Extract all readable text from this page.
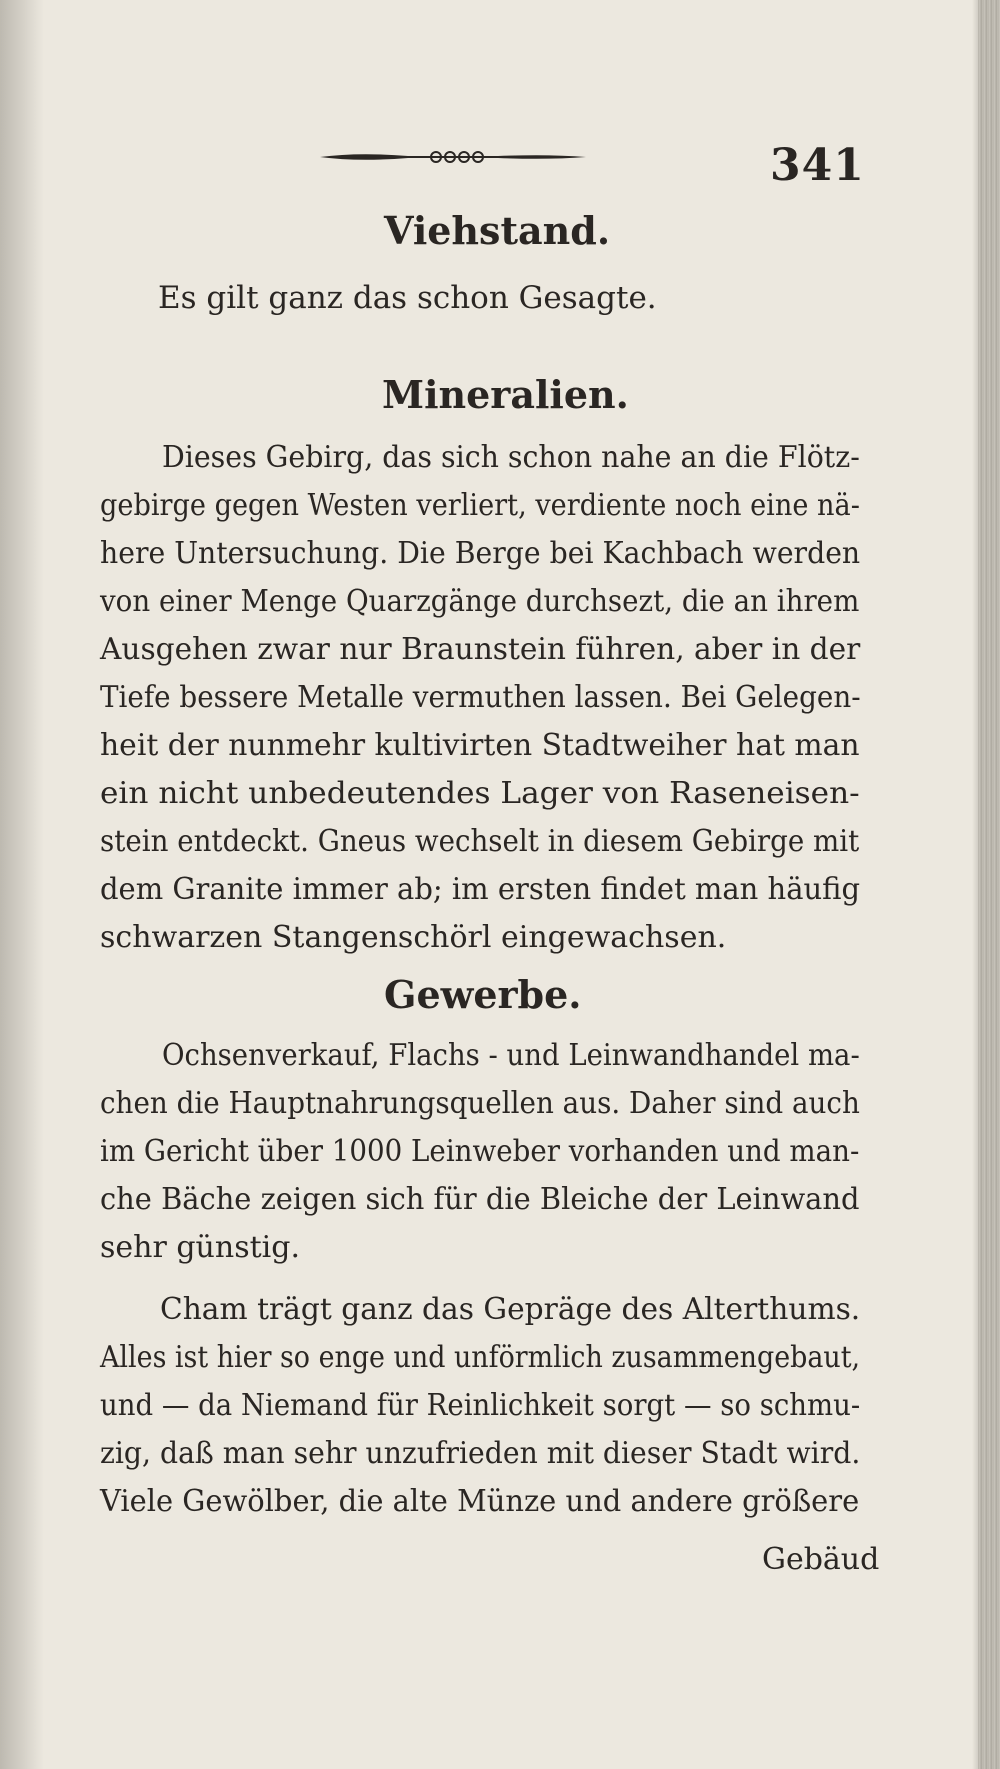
341
Viehstand.
Es gilt ganz das schon Gesagte.
Mineralien.
Dieses Gebirg, das sich schon nahe an die Flötz-
gebirge gegen Westen verliert, verdiente noch eine nä-
here Untersuchung. Die Berge bei Kachbach werden
von einer Menge Quarzgänge durchsezt, die an ihrem
Ausgehen zwar nur Braunstein führen, aber in der
Tiefe bessere Metalle vermuthen lassen. Bei Gelegen-
heit der nunmehr kultivirten Stadtweiher hat man
ein nicht unbedeutendes Lager von Raseneisen-
stein entdeckt. Gneus wechselt in diesem Gebirge mit
dem Granite immer ab; im ersten findet man häufig
schwarzen Stangenschörl eingewachsen.
Gewerbe.
Ochsenverkauf, Flachs - und Leinwandhandel ma-
chen die Hauptnahrungsquellen aus. Daher sind auch
im Gericht über 1000 Leinweber vorhanden und man-
che Bäche zeigen sich für die Bleiche der Leinwand
sehr günstig.
Cham trägt ganz das Gepräge des Alterthums.
Alles ist hier so enge und unförmlich zusammengebaut,
und — da Niemand für Reinlichkeit sorgt — so schmu-
zig, daß man sehr unzufrieden mit dieser Stadt wird.
Viele Gewölber, die alte Münze und andere größere
Gebäud
